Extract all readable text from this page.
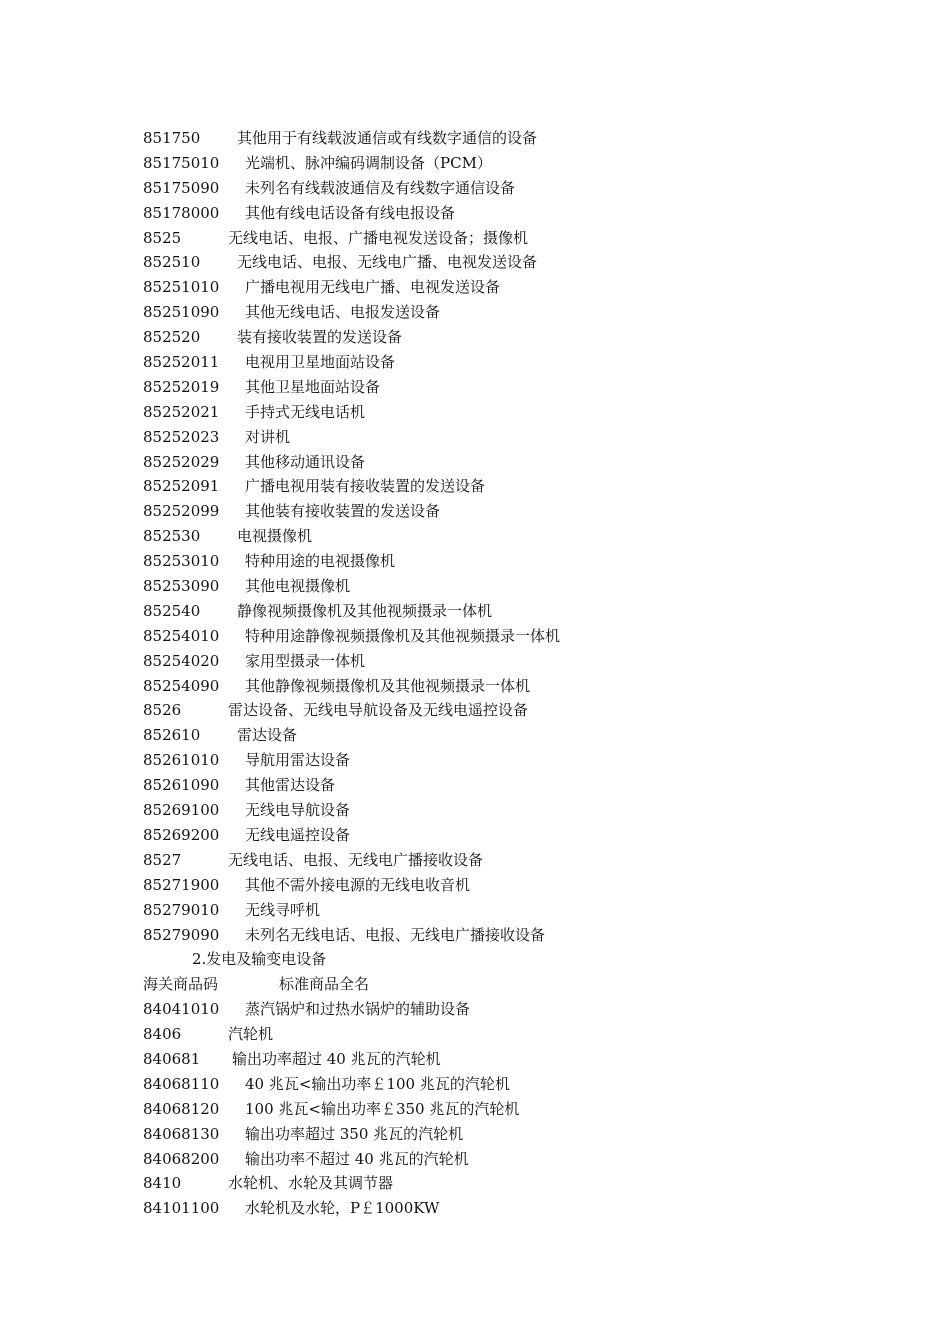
851750 其他用于有线载波通信或有线数字通信的设备
85175010 光端机、脉冲编码调制设备（PCM）
85175090 未列名有线载波通信及有线数字通信设备
85178000 其他有线电话设备有线电报设备
8525	无线电话、电报、广播电视发送设备；摄像机
852510 无线电话、电报、无线电广播、电视发送设备
85251010 广播电视用无线电广播、电视发送设备
85251090 其他无线电话、电报发送设备
852520 装有接收装置的发送设备
85252011 电视用卫星地面站设备
85252019 其他卫星地面站设备
85252021 手持式无线电话机
85252023 对讲机
85252029 其他移动通讯设备
85252091 广播电视用装有接收装置的发送设备
85252099 其他装有接收装置的发送设备
852530 电视摄像机
85253010 特种用途的电视摄像机
85253090 其他电视摄像机
852540 静像视频摄像机及其他视频摄录一体机
85254010 特种用途静像视频摄像机及其他视频摄录一体机
85254020 家用型摄录一体机
85254090 其他静像视频摄像机及其他视频摄录一体机
8526	雷达设备、无线电导航设备及无线电遥控设备
852610 雷达设备
85261010 导航用雷达设备
85261090 其他雷达设备
85269100 无线电导航设备
85269200 无线电遥控设备
8527	无线电话、电报、无线电广播接收设备
85271900 其他不需外接电源的无线电收音机
85279010 无线寻呼机
85279090 未列名无线电话、电报、无线电广播接收设备
2.发电及输变电设备
海关商品码	标准商品全名
84041010 蒸汽锅炉和过热水锅炉的辅助设备
8406	汽轮机
840681 输出功率超过 40 兆瓦的汽轮机
84068110 40 兆瓦<输出功率￡100 兆瓦的汽轮机
84068120 100 兆瓦<输出功率￡350 兆瓦的汽轮机
84068130 输出功率超过 350 兆瓦的汽轮机
84068200 输出功率不超过 40 兆瓦的汽轮机
8410	水轮机、水轮及其调节器
84101100 水轮机及水轮，P￡1000KW
